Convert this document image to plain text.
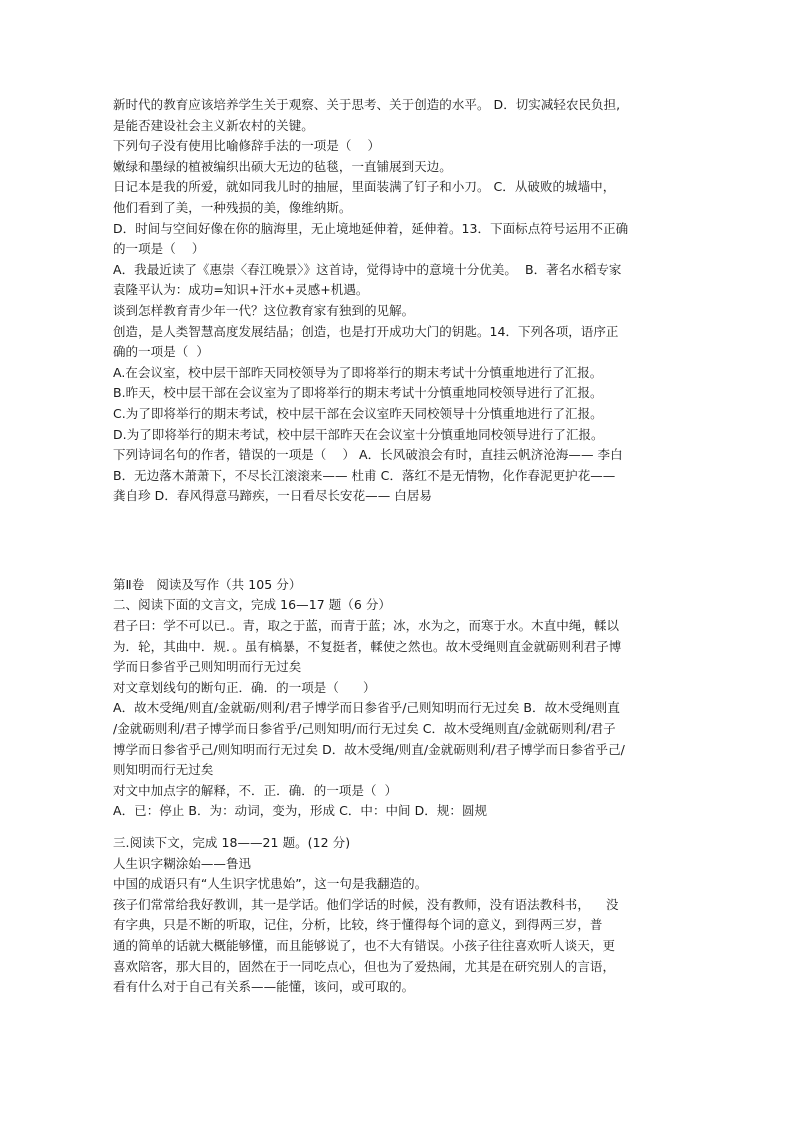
新时代的教育应该培养学生关于观察、关于思考、关于创造的水平。 D．切实减轻农民负担,

是能否建设社会主义新农村的关键。

下列句子没有使用比喻修辞手法的一项是（    ）

嫩绿和墨绿的植被编织出硕大无边的毡毯，一直铺展到天边。

日记本是我的所爱，就如同我儿时的抽屉，里面装满了钉子和小刀。 C．从破败的城墙中，

他们看到了美，一种残损的美，像维纳斯。

D．时间与空间好像在你的脑海里，无止境地延伸着，延伸着。13．下面标点符号运用不正确

的一项是（    ）

A．我最近读了《惠崇〈春江晚景〉》这首诗，觉得诗中的意境十分优美。  B．著名水稻专家

袁隆平认为：成功=知识+汗水+灵感+机遇。

谈到怎样教育青少年一代？这位教育家有独到的见解。

创造，是人类智慧高度发展结晶；创造，也是打开成功大门的钥匙。14．下列各项，语序正

确的一项是（  ）

A.在会议室，校中层干部昨天同校领导为了即将举行的期末考试十分慎重地进行了汇报。

B.昨天，校中层干部在会议室为了即将举行的期末考试十分慎重地同校领导进行了汇报。

C.为了即将举行的期末考试，校中层干部在会议室昨天同校领导十分慎重地进行了汇报。

D.为了即将举行的期末考试，校中层干部昨天在会议室十分慎重地同校领导进行了汇报。

下列诗词名句的作者，错误的一项是（    ） A．长风破浪会有时，直挂云帆济沧海—— 李白

B．无边落木萧萧下，不尽长江滚滚来—— 杜甫 C．落红不是无情物，化作春泥更护花——

龚自珍 D．春风得意马蹄疾，一日看尽长安花—— 白居易

第Ⅱ卷   阅读及写作（共 105 分）

二、阅读下面的文言文，完成 16—17 题（6 分）

君子曰：学不可以已.。青，取之于蓝，而青于蓝；冰，水为之，而寒于水。木直中绳，輮以

为．轮，其曲中．规．。虽有槁暴，不复挺者，輮使之然也。故木受绳则直金就砺则利君子博

学而日参省乎己则知明而行无过矣

对文章划线句的断句正．确．的一项是（      ）

A．故木受绳/则直/金就砺/则利/君子博学而日参省乎/己则知明而行无过矣 B．故木受绳则直

/金就砺则利/君子博学而日参省乎/己则知明/而行无过矣 C．故木受绳则直/金就砺则利/君子

博学而日参省乎己/则知明而行无过矣 D．故木受绳/则直/金就砺则利/君子博学而日参省乎己/

则知明而行无过矣

对文中加点字的解释，不．正．确．的一项是（  ）

A．已：停止 B．为：动词，变为，形成 C．中：中间 D．规：圆规

三.阅读下文，完成 18——21 题。(12 分)

人生识字糊涂始——鲁迅

中国的成语只有“人生识字忧患始”，这一句是我翻造的。

孩子们常常给我好教训，其一是学话。他们学话的时候，没有教师，没有语法教科书，    没

有字典，只是不断的听取，记住，分析，比较，终于懂得每个词的意义，到得两三岁，普

通的简单的话就大概能够懂，而且能够说了，也不大有错误。小孩子往往喜欢听人谈天，更

喜欢陪客，那大目的，固然在于一同吃点心，但也为了爱热闹，尤其是在研究别人的言语，

看有什么对于自己有关系——能懂，该问，或可取的。
